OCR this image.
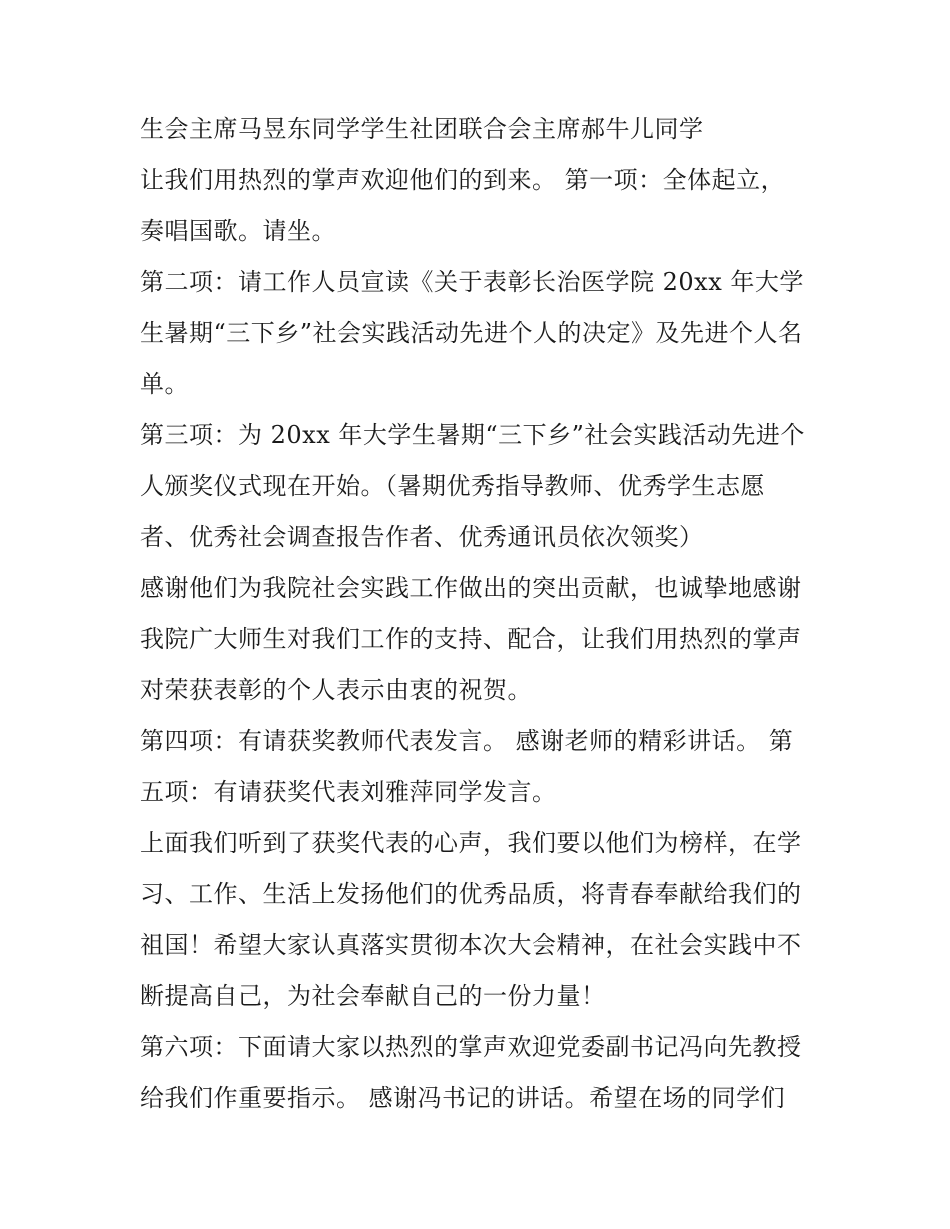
生会主席马昱东同学学生社团联合会主席郝牛儿同学
让我们用热烈的掌声欢迎他们的到来。 第一项：全体起立，
奏唱国歌。请坐。
第二项：请工作人员宣读《关于表彰长治医学院 20xx 年大学
生暑期“三下乡”社会实践活动先进个人的决定》及先进个人名
单。
第三项：为 20xx 年大学生暑期“三下乡”社会实践活动先进个
人颁奖仪式现在开始。（暑期优秀指导教师、优秀学生志愿
者、优秀社会调查报告作者、优秀通讯员依次领奖）
感谢他们为我院社会实践工作做出的突出贡献，也诚挚地感谢
我院广大师生对我们工作的支持、配合，让我们用热烈的掌声
对荣获表彰的个人表示由衷的祝贺。
第四项：有请获奖教师代表发言。 感谢老师的精彩讲话。 第
五项：有请获奖代表刘雅萍同学发言。
上面我们听到了获奖代表的心声，我们要以他们为榜样，在学
习、工作、生活上发扬他们的优秀品质，将青春奉献给我们的
祖国！希望大家认真落实贯彻本次大会精神，在社会实践中不
断提高自己，为社会奉献自己的一份力量！
第六项：下面请大家以热烈的掌声欢迎党委副书记冯向先教授
给我们作重要指示。 感谢冯书记的讲话。希望在场的同学们
